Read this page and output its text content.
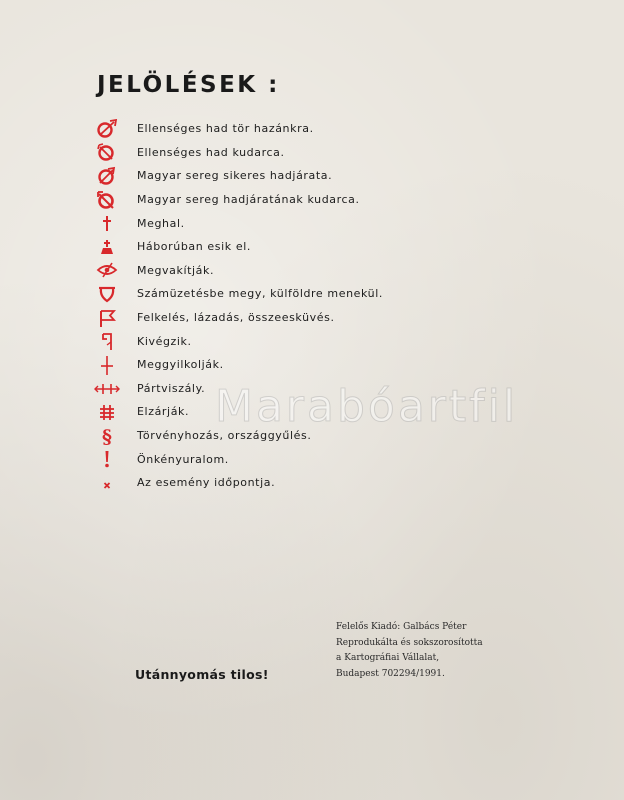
JELÖLÉSEK :
Ellenséges had tör hazánkra.
Ellenséges had kudarca.
Magyar sereg sikeres hadjárata.
Magyar sereg hadjáratának kudarca.
Meghal.
Háborúban esik el.
Megvakítják.
Számüzetésbe megy, külföldre menekül.
Felkelés, lázadás, összeesküvés.
Kivégzik.
Meggyilkolják.
Pártviszály.
Elzárják.
§ Törvényhozás, országgyűlés.
Önkényuralom.
Az esemény időpontja.
Marabóartfil
Felelős Kiadó: Galbács Péter
Reprodukálta és sokszorosította
a Kartográfiai Vállalat,
Budapest 702294/1991.
Utánnyomás tilos!
